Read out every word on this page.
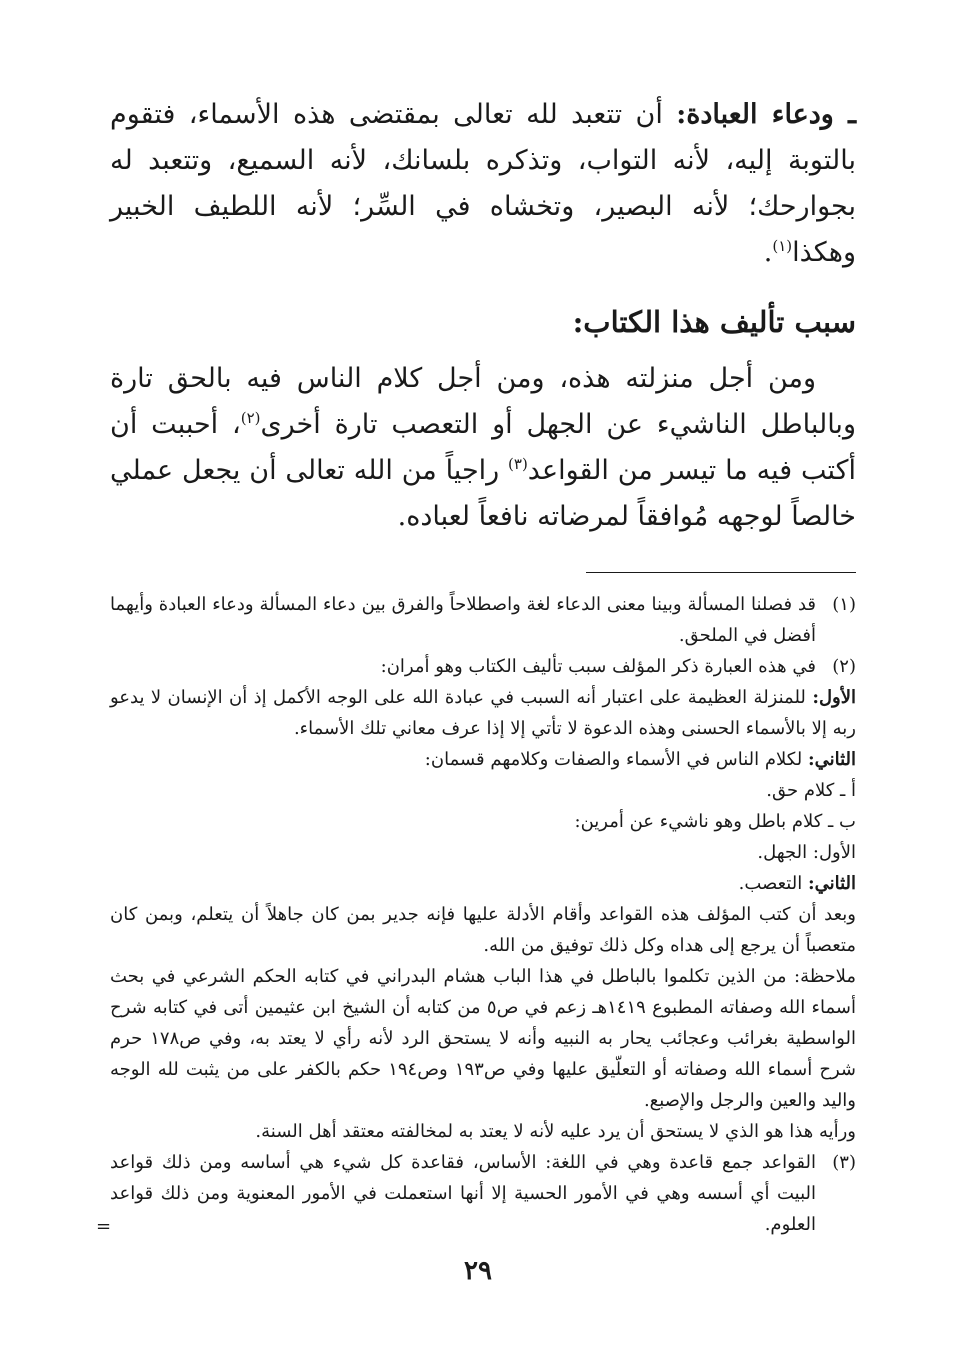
ـ ودعاء العبادة: أن تتعبد لله تعالى بمقتضى هذه الأسماء، فتقوم بالتوبة إليه، لأنه التواب، وتذكره بلسانك، لأنه السميع، وتتعبد له بجوارحك؛ لأنه البصير، وتخشاه في السِّر؛ لأنه اللطيف الخبير وهكذا$^{(١)}$.

سبب تأليف هذا الكتاب:

ومن أجل منزلته هذه، ومن أجل كلام الناس فيه بالحق تارة وبالباطل الناشيء عن الجهل أو التعصب تارة أخرى$^{(٢)}$، أحببت أن أكتب فيه ما تيسر من القواعد$^{(٣)}$ راجياً من الله تعالى أن يجعل عملي خالصاً لوجهه مُوافقاً لمرضاته نافعاً لعباده.

(١)

قد فصلنا المسألة وبينا معنى الدعاء لغة واصطلاحاً والفرق بين دعاء المسألة ودعاء العبادة وأيهما أفضل في الملحق.

(٢)

في هذه العبارة ذكر المؤلف سبب تأليف الكتاب وهو أمران:

الأول: للمنزلة العظيمة على اعتبار أنه السبب في عبادة الله على الوجه الأكمل إذ أن الإنسان لا يدعو ربه إلا بالأسماء الحسنى وهذه الدعوة لا تأتي إلا إذا عرف معاني تلك الأسماء.

الثاني: لكلام الناس في الأسماء والصفات وكلامهم قسمان:

أ ـ كلام حق.

ب ـ كلام باطل وهو ناشيء عن أمرين:

الأول: الجهل.

الثاني: التعصب.

وبعد أن كتب المؤلف هذه القواعد وأقام الأدلة عليها فإنه جدير بمن كان جاهلاً أن يتعلم، وبمن كان متعصباً أن يرجع إلى هداه وكل ذلك توفيق من الله.

ملاحظة: من الذين تكلموا بالباطل في هذا الباب هشام البدراني في كتابه الحكم الشرعي في بحث أسماء الله وصفاته المطبوع ١٤١٩هـ زعم في ص٥ من كتابه أن الشيخ ابن عثيمين أتى في كتابه شرح الواسطية بغرائب وعجائب يحار به النبيه وأنه لا يستحق الرد لأنه رأي لا يعتد به، وفي ص١٧٨ حرم شرح أسماء الله وصفاته أو التعلّيق عليها وفي ص١٩٣ وص١٩٤ حكم بالكفر على من يثبت لله الوجه واليد والعين والرجل والإصبع.

ورأيه هذا هو الذي لا يستحق أن يرد عليه لأنه لا يعتد به لمخالفته معتقد أهل السنة.

(٣)

القواعد جمع قاعدة وهي في اللغة: الأساس، فقاعدة كل شيء هي أساسه ومن ذلك قواعد البيت أي أسسه وهي في الأمور الحسية إلا أنها استعملت في الأمور المعنوية ومن ذلك قواعد العلوم.

=
٢٩
